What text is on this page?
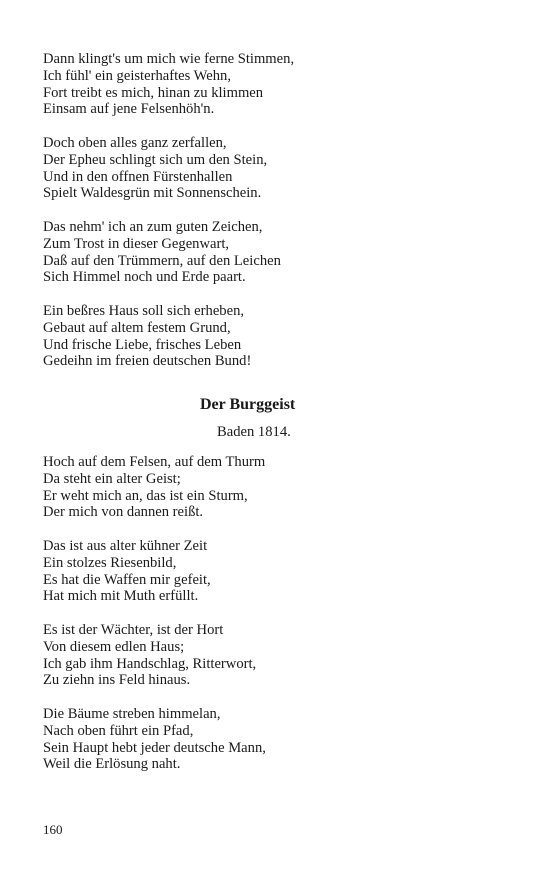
Dann klingt's um mich wie ferne Stimmen,
Ich fühl' ein geisterhaftes Wehn,
Fort treibt es mich, hinan zu klimmen
Einsam auf jene Felsenhöh'n.
Doch oben alles ganz zerfallen,
Der Epheu schlingt sich um den Stein,
Und in den offnen Fürstenhallen
Spielt Waldesgrün mit Sonnenschein.
Das nehm' ich an zum guten Zeichen,
Zum Trost in dieser Gegenwart,
Daß auf den Trümmern, auf den Leichen
Sich Himmel noch und Erde paart.
Ein beßres Haus soll sich erheben,
Gebaut auf altem festem Grund,
Und frische Liebe, frisches Leben
Gedeihn im freien deutschen Bund!
Der Burggeist
Baden 1814.
Hoch auf dem Felsen, auf dem Thurm
Da steht ein alter Geist;
Er weht mich an, das ist ein Sturm,
Der mich von dannen reißt.
Das ist aus alter kühner Zeit
Ein stolzes Riesenbild,
Es hat die Waffen mir gefeit,
Hat mich mit Muth erfüllt.
Es ist der Wächter, ist der Hort
Von diesem edlen Haus;
Ich gab ihm Handschlag, Ritterwort,
Zu ziehn ins Feld hinaus.
Die Bäume streben himmelan,
Nach oben führt ein Pfad,
Sein Haupt hebt jeder deutsche Mann,
Weil die Erlösung naht.
160
